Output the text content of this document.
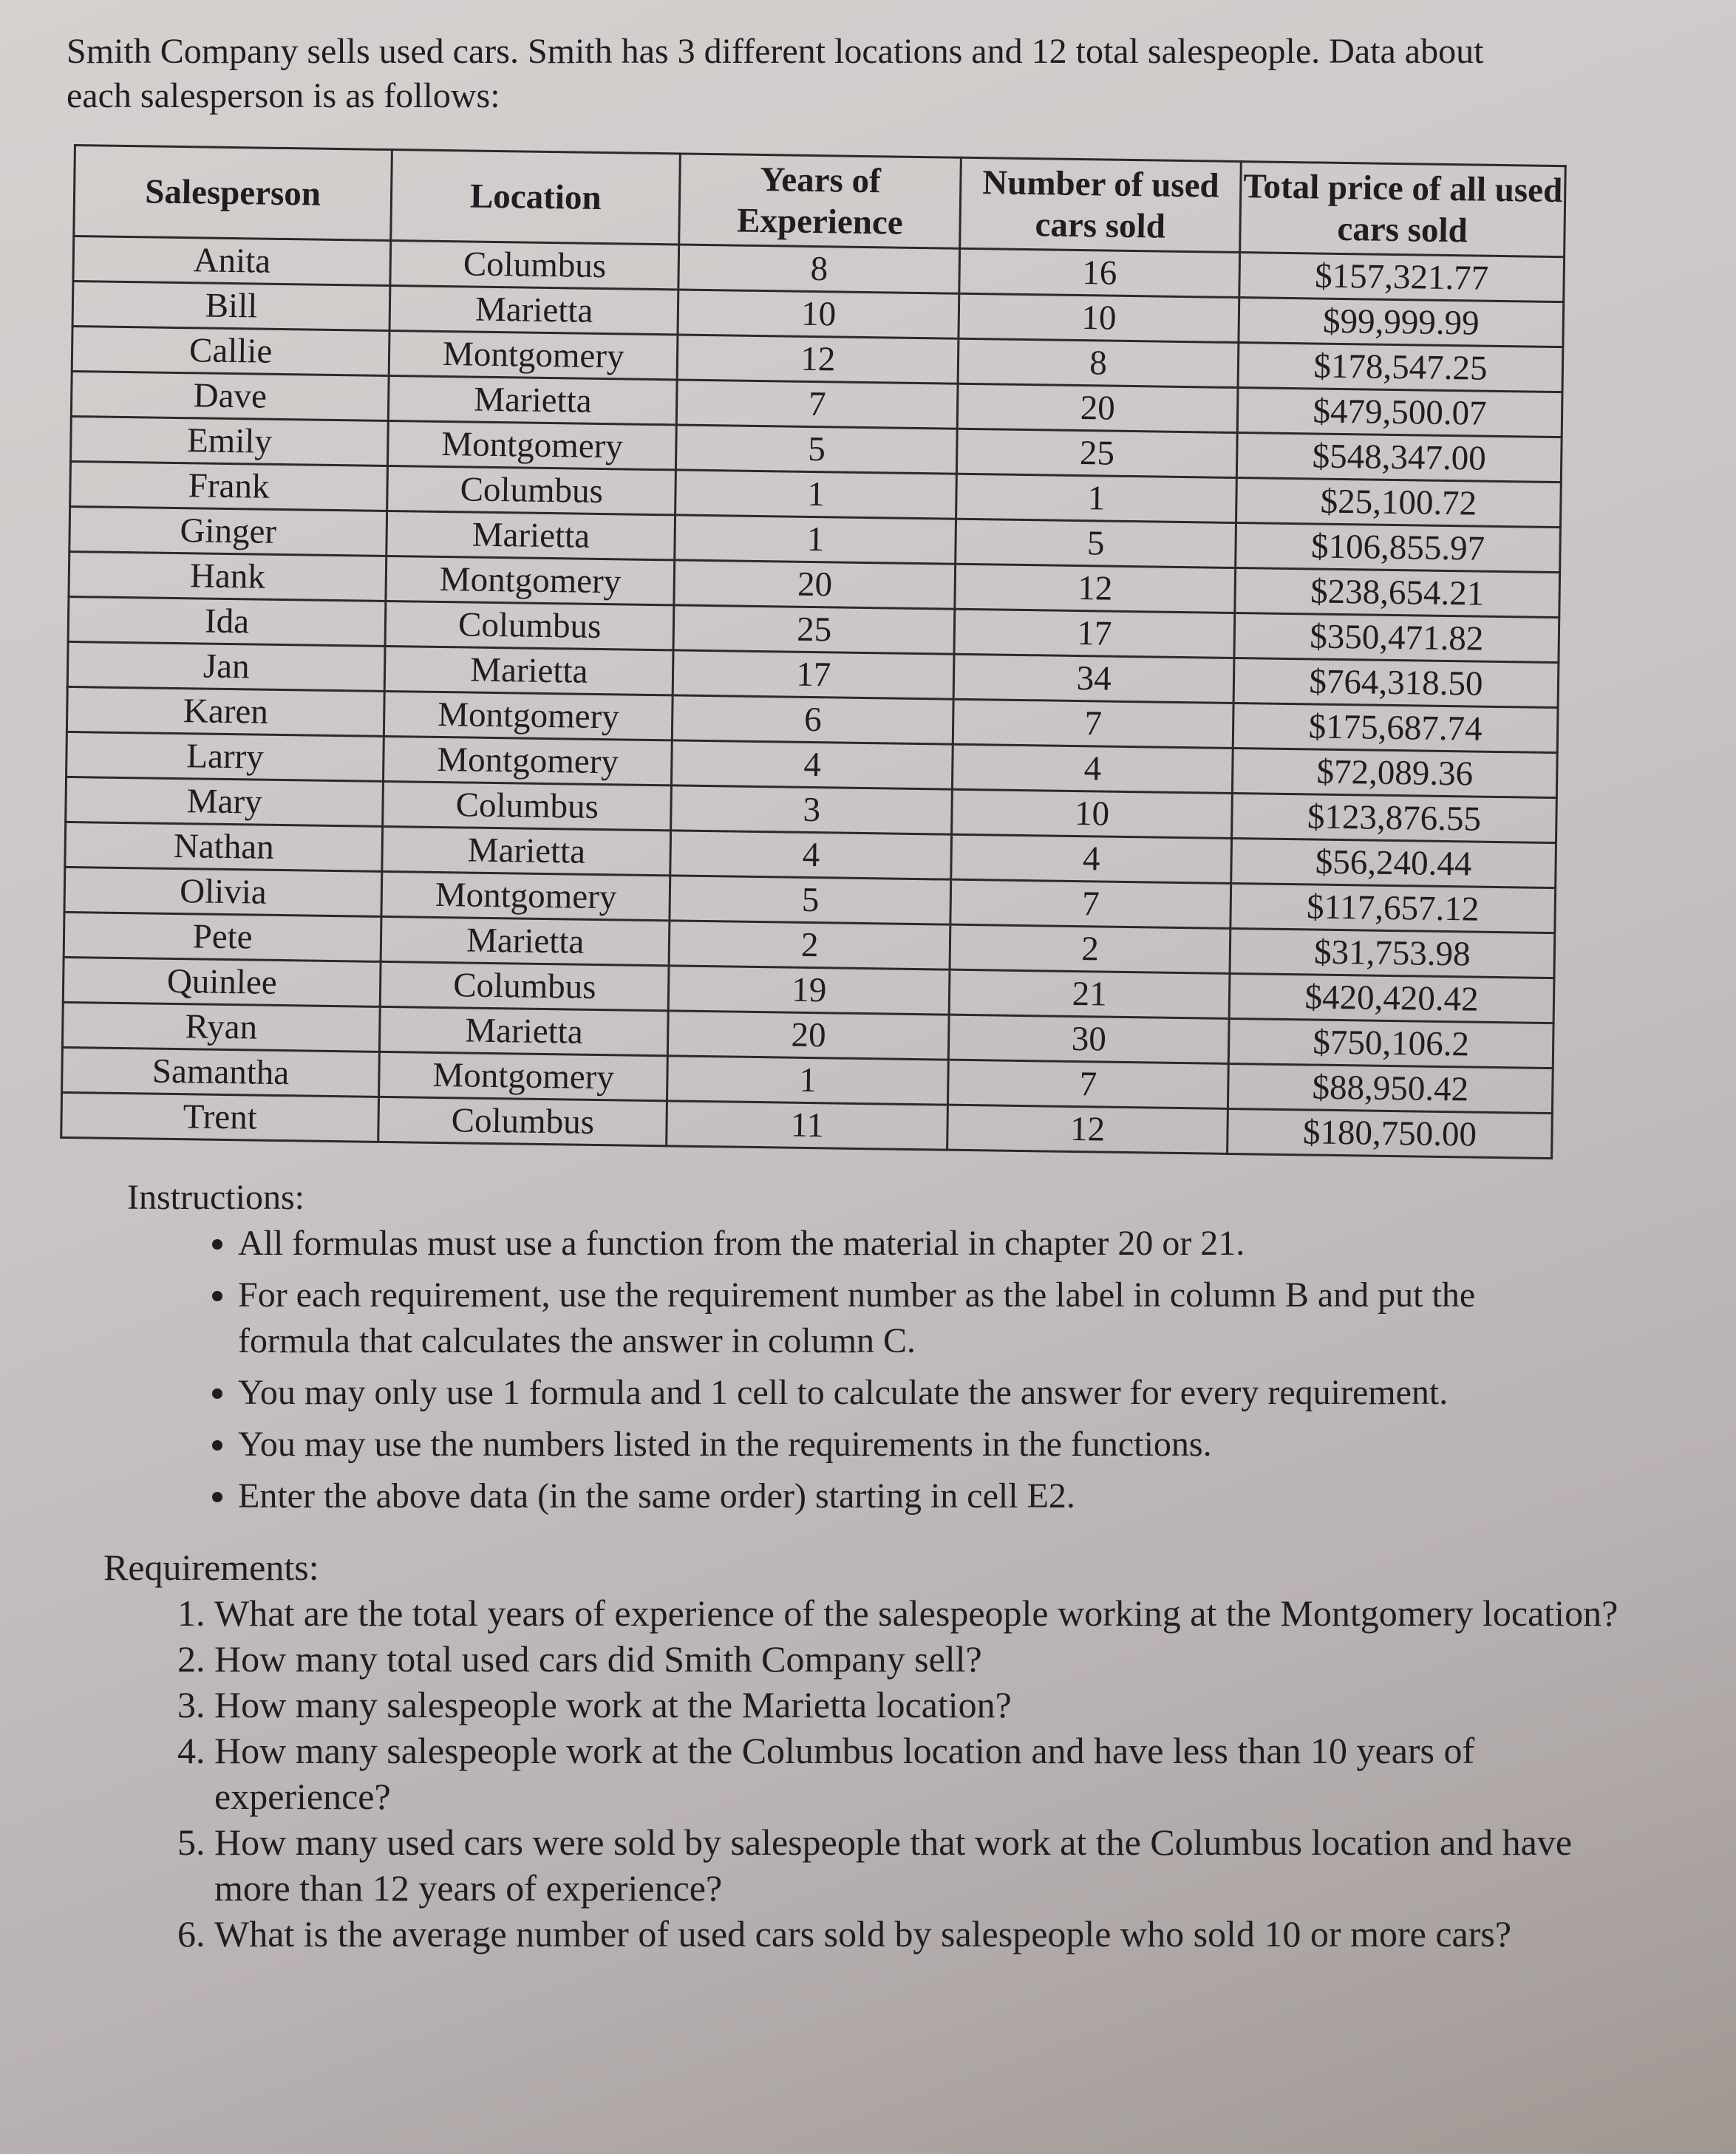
Smith Company sells used cars. Smith has 3 different locations and 12 total salespeople. Data about each salesperson is as follows:
Salesperson	Location	Years of Experience	Number of used cars sold	Total price of all used cars sold
Anita	Columbus	8	16	$157,321.77
Bill	Marietta	10	10	$99,999.99
Callie	Montgomery	12	8	$178,547.25
Dave	Marietta	7	20	$479,500.07
Emily	Montgomery	5	25	$548,347.00
Frank	Columbus	1	1	$25,100.72
Ginger	Marietta	1	5	$106,855.97
Hank	Montgomery	20	12	$238,654.21
Ida	Columbus	25	17	$350,471.82
Jan	Marietta	17	34	$764,318.50
Karen	Montgomery	6	7	$175,687.74
Larry	Montgomery	4	4	$72,089.36
Mary	Columbus	3	10	$123,876.55
Nathan	Marietta	4	4	$56,240.44
Olivia	Montgomery	5	7	$117,657.12
Pete	Marietta	2	2	$31,753.98
Quinlee	Columbus	19	21	$420,420.42
Ryan	Marietta	20	30	$750,106.2
Samantha	Montgomery	1	7	$88,950.42
Trent	Columbus	11	12	$180,750.00
Instructions:
• All formulas must use a function from the material in chapter 20 or 21.
• For each requirement, use the requirement number as the label in column B and put the formula that calculates the answer in column C.
• You may only use 1 formula and 1 cell to calculate the answer for every requirement.
• You may use the numbers listed in the requirements in the functions.
• Enter the above data (in the same order) starting in cell E2.
Requirements:
1. What are the total years of experience of the salespeople working at the Montgomery location?
2. How many total used cars did Smith Company sell?
3. How many salespeople work at the Marietta location?
4. How many salespeople work at the Columbus location and have less than 10 years of experience?
5. How many used cars were sold by salespeople that work at the Columbus location and have more than 12 years of experience?
6. What is the average number of used cars sold by salespeople who sold 10 or more cars?
